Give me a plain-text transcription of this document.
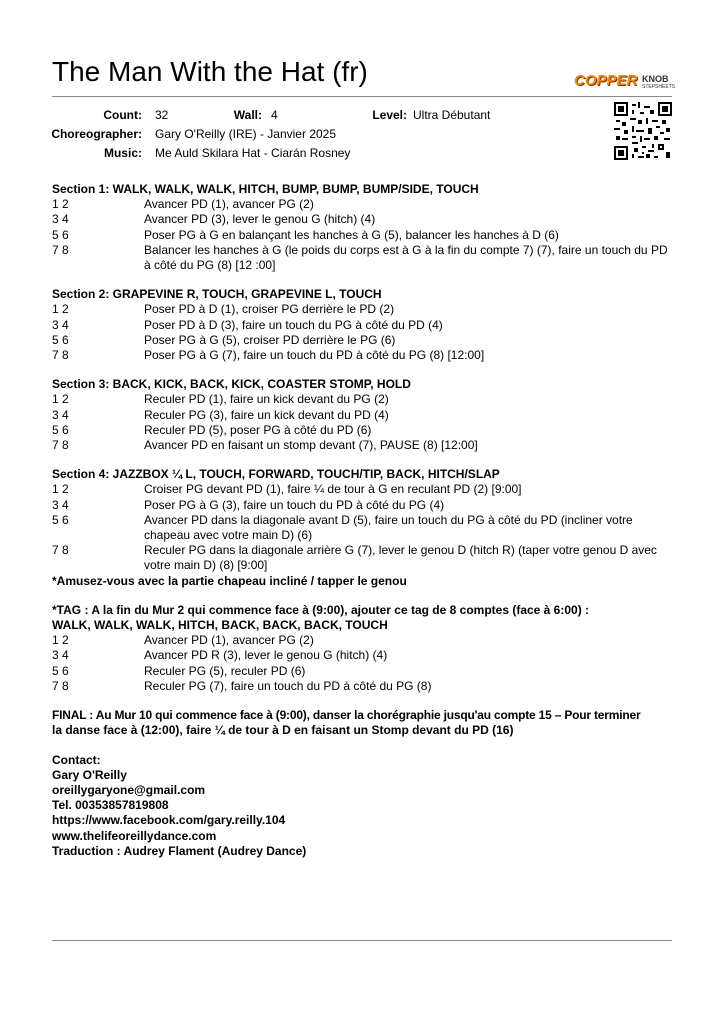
The Man With the Hat (fr)	COPPER KNOB
STEPSHEETS
Count: 32	Wall: 4	Level: Ultra Débutant
Choreographer: Gary O'Reilly (IRE) - Janvier 2025
Music: Me Auld Skilara Hat - Ciarán Rosney
Section 1: WALK, WALK, WALK, HITCH, BUMP, BUMP, BUMP/SIDE, TOUCH
1 2	Avancer PD (1), avancer PG (2)
3 4	Avancer PD (3), lever le genou G (hitch) (4)
5 6	Poser PG à G en balançant les hanches à G (5), balancer les hanches à D (6)
7 8	Balancer les hanches à G (le poids du corps est à G à la fin du compte 7) (7), faire un touch du PD à côté du PG (8) [12 :00]
Section 2: GRAPEVINE R, TOUCH, GRAPEVINE L, TOUCH
1 2	Poser PD à D (1), croiser PG derrière le PD (2)
3 4	Poser PD à D (3), faire un touch du PG à côté du PD (4)
5 6	Poser PG à G (5), croiser PD derrière le PG (6)
7 8	Poser PG à G (7), faire un touch du PD à côté du PG (8) [12:00]
Section 3: BACK, KICK, BACK, KICK, COASTER STOMP, HOLD
1 2	Reculer PD (1), faire un kick devant du PG (2)
3 4	Reculer PG (3), faire un kick devant du PD (4)
5 6	Reculer PD (5), poser PG à côté du PD (6)
7 8	Avancer PD en faisant un stomp devant (7), PAUSE (8) [12:00]
Section 4: JAZZBOX ¼ L, TOUCH, FORWARD, TOUCH/TIP, BACK, HITCH/SLAP
1 2	Croiser PG devant PD (1), faire ¼ de tour à G en reculant PD (2) [9:00]
3 4	Poser PG à G (3), faire un touch du PD à côté du PG (4)
5 6	Avancer PD dans la diagonale avant D (5), faire un touch du PG à côté du PD (incliner votre chapeau avec votre main D) (6)
7 8	Reculer PG dans la diagonale arrière G (7), lever le genou D (hitch R) (taper votre genou D avec votre main D) (8) [9:00]
*Amusez-vous avec la partie chapeau incliné / tapper le genou
*TAG : A la fin du Mur 2 qui commence face à (9:00), ajouter ce tag de 8 comptes (face à 6:00) :
WALK, WALK, WALK, HITCH, BACK, BACK, BACK, TOUCH
1 2	Avancer PD (1), avancer PG (2)
3 4	Avancer PD R (3), lever le genou G (hitch) (4)
5 6	Reculer PG (5), reculer PD (6)
7 8	Reculer PG (7), faire un touch du PD à côté du PG (8)
FINAL : Au Mur 10 qui commence face à (9:00), danser la chorégraphie jusqu'au compte 15 – Pour terminer
la danse face à (12:00), faire ¼ de tour à D en faisant un Stomp devant du PD (16)
Contact:
Gary O'Reilly
oreillygaryone@gmail.com
Tel. 00353857819808
https://www.facebook.com/gary.reilly.104
www.thelifeoreillydance.com
Traduction : Audrey Flament (Audrey Dance)
